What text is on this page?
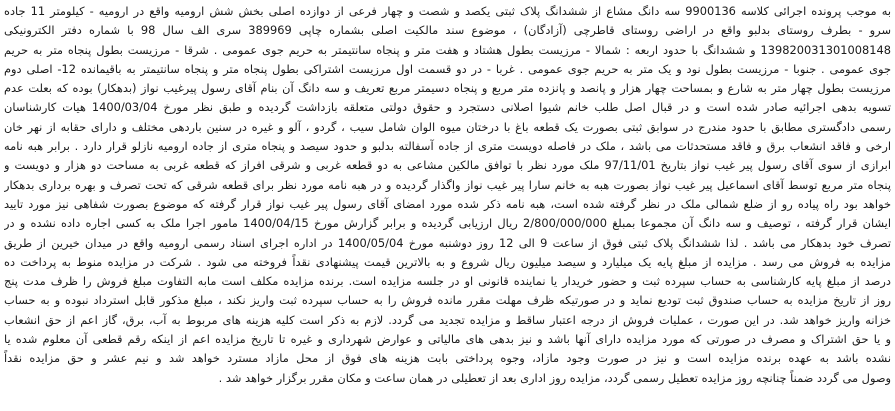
به موجب پرونده اجرائی کلاسه 9900136 سه دانگ مشاع از ششدانگ پلاک ثبتی یکصد و شصت و چهار فرعی از دوازده اصلی بخش شش ارومیه واقع در ارومیه - کیلومتر 11 جاده
سرو - بطرف روستای بدلبو واقع در اراضی روستای قاطرچی (آزادگان) ، موضوع سند مالکیت اصلی بشماره چاپی 389969 سری الف سال 98 با شماره دفتر الکترونیکی
139820031301008148 و ششدانگ با حدود اربعه : شمالا - مرزیست بطول هشتاد و هفت متر و پنجاه سانتیمتر به حریم جوی عمومی . شرقا - مرزیست بطول پنجاه متر به حریم
جوی عمومی . جنوبا - مرزیست بطول نود و یک متر به حریم جوی عمومی . غربا - در دو قسمت اول مرزیست اشتراکی بطول پنجاه متر و پنجاه سانتیمتر به باقیمانده 12- اصلی دوم
مرزیست بطول چهار متر به شارع و بمساحت چهار هزار و پانصد و پانزده متر مربع و پنجاه دسیمتر مربع تعریف و سه دانگ آن بنام آقای رسول پیرغیب نواز (بدهکار) بوده که بعلت عدم
تسویه بدهی اجرائیه صادر شده است و در قبال اصل طلب خانم شیوا اصلانی دستجرد و حقوق دولتی متعلقه بازداشت گردیده و طبق نظر مورخ 1400/03/04 هیات کارشناسان
رسمی دادگستری مطابق با حدود مندرج در سوابق ثبتی بصورت یک قطعه باغ با درختان میوه الوان شامل سیب ، گردو ، آلو و غیره در سنین باردهی مختلف و دارای حقابه از نهر خان
ارخی و فاقد انشعاب برق و فاقد مستحدثات می باشد ، ملک در فاصله دویست متری از جاده آسفالته بدلبو و حدود سیصد و پنجاه متری از جاده ارومیه نازلو قرار دارد . برابر هبه نامه
ابرازی از سوی آقای رسول پیر غیب نواز بتاریخ 97/11/01 ملک مورد نظر با توافق مالکین مشاعی به دو قطعه غربی و شرقی افراز که قطعه غربی به مساحت دو هزار و دویست و
پنجاه متر مربع توسط آقای اسماعیل پیر غیب نواز بصورت هبه به خانم سارا پیر غیب نواز واگذار گردیده و در هبه نامه مورد نظر برای قطعه شرقی که تحت تصرف و بهره برداری بدهکار
خواهد بود راه پیاده رو از ضلع شمالی ملک در نظر گرفته شده است، هبه نامه ذکر شده مورد امضای آقای رسول پیر غیب نواز قرار گرفته که موضوع بصورت شفاهی نیز مورد تایید
ایشان قرار گرفته ، توصیف و سه دانگ آن مجموعا بمبلغ 2/800/000/000 ریال ارزیابی گردیده و برابر گزارش مورخ 1400/04/15 مامور اجرا ملک به کسی اجاره داده نشده و در
تصرف خود بدهکار می باشد . لذا ششدانگ پلاک ثبتی فوق از ساعت 9 الی 12 روز دوشنبه مورخ 1400/05/04 در اداره اجرای اسناد رسمی ارومیه واقع در میدان خیرین از طریق
مزایده به فروش می رسد . مزایده از مبلغ پایه یک میلیارد و سیصد میلیون ریال شروع و به بالاترین قیمت پیشنهادی نقداً فروخته می شود . شرکت در مزایده منوط به پرداخت ده
درصد از مبلغ پایه کارشناسی به حساب سپرده ثبت و حضور خریدار یا نماینده قانونی او در جلسه مزایده است. برنده مزایده مکلف است مابه التفاوت مبلغ فروش را ظرف مدت پنج
روز از تاریخ مزایده به حساب صندوق ثبت تودیع نماید و در صورتیکه ظرف مهلت مقرر مانده فروش را به حساب سپرده ثبت واریز نکند ، مبلغ مذکور قابل استرداد نبوده و به حساب
خزانه واریز خواهد شد. در این صورت ، عملیات فروش از درجه اعتبار ساقط و مزایده تجدید می گردد. لازم به ذکر است کلیه هزینه های مربوط به آب، برق، گاز اعم از حق انشعاب
و یا حق اشتراک و مصرف در صورتی که مورد مزایده دارای آنها باشد و نیز بدهی های مالیاتی و عوارض شهرداری و غیره تا تاریخ مزایده اعم از اینکه رقم قطعی آن معلوم شده یا
نشده باشد به عهده برنده مزایده است و نیز در صورت وجود مازاد، وجوه پرداختی بابت هزینه های فوق از محل مازاد مسترد خواهد شد و نیم عشر و حق مزایده نقداً
وصول می گردد ضمناً چنانچه روز مزایده تعطیل رسمی گردد، مزایده روز اداری بعد از تعطیلی در همان ساعت و مکان مقرر برگزار خواهد شد .
